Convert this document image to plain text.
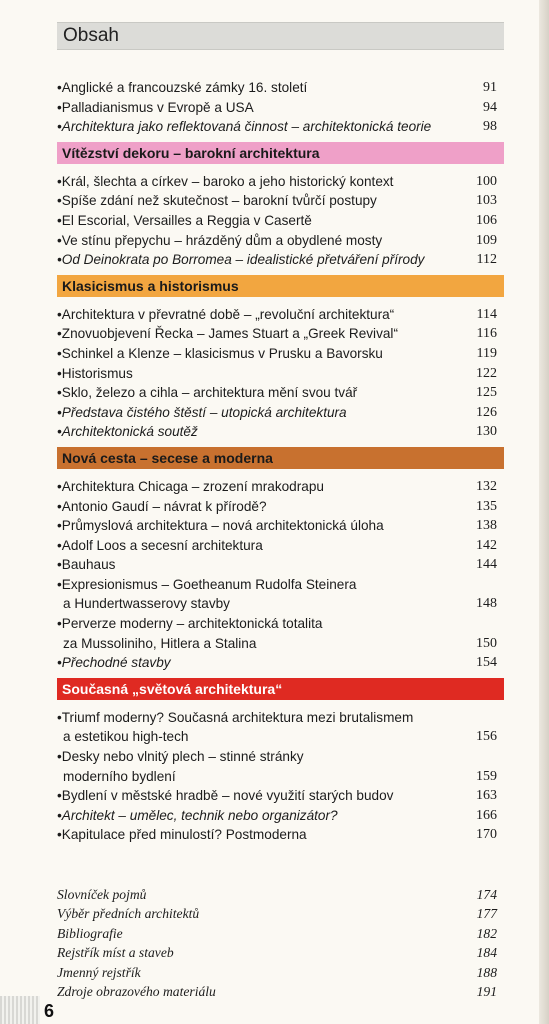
Obsah
•Anglické a francouzské zámky 16. století	91
•Palladianismus v Evropě a USA	94
•Architektura jako reflektovaná činnost – architektonická teorie	98
Vítězství dekoru – barokní architektura
•Král, šlechta a církev – baroko a jeho historický kontext	100
•Spíše zdání než skutečnost – barokní tvůrčí postupy	103
•El Escorial, Versailles a Reggia v Casertě	106
•Ve stínu přepychu – hrázděný dům a obydlené mosty	109
•Od Deinokrata po Borromea – idealistické přetváření přírody	112
Klasicismus a historismus
•Architektura v převratné době – „revoluční architektura“	114
•Znovuobjevení Řecka – James Stuart a „Greek Revival“	116
•Schinkel a Klenze – klasicismus v Prusku a Bavorsku	119
•Historismus	122
•Sklo, železo a cihla – architektura mění svou tvář	125
•Představa čistého štěstí – utopická architektura	126
•Architektonická soutěž	130
Nová cesta – secese a moderna
•Architektura Chicaga – zrození mrakodrapu	132
•Antonio Gaudí – návrat k přírodě?	135
•Průmyslová architektura – nová architektonická úloha	138
•Adolf Loos a secesní architektura	142
•Bauhaus	144
•Expresionismus – Goetheanum Rudolfa Steinera
a Hundertwasserovy stavby	148
•Perverze moderny – architektonická totalita
za Mussoliniho, Hitlera a Stalina	150
•Přechodné stavby	154
Současná „světová architektura“
•Triumf moderny? Současná architektura mezi brutalismem
a estetikou high-tech	156
•Desky nebo vlnitý plech – stinné stránky
moderního bydlení	159
•Bydlení v městské hradbě – nové využití starých budov	163
•Architekt – umělec, technik nebo organizátor?	166
•Kapitulace před minulostí? Postmoderna	170
Slovníček pojmů	174
Výběr předních architektů	177
Bibliografie	182
Rejstřík míst a staveb	184
Jmenný rejstřík	188
Zdroje obrazového materiálu	191
6
